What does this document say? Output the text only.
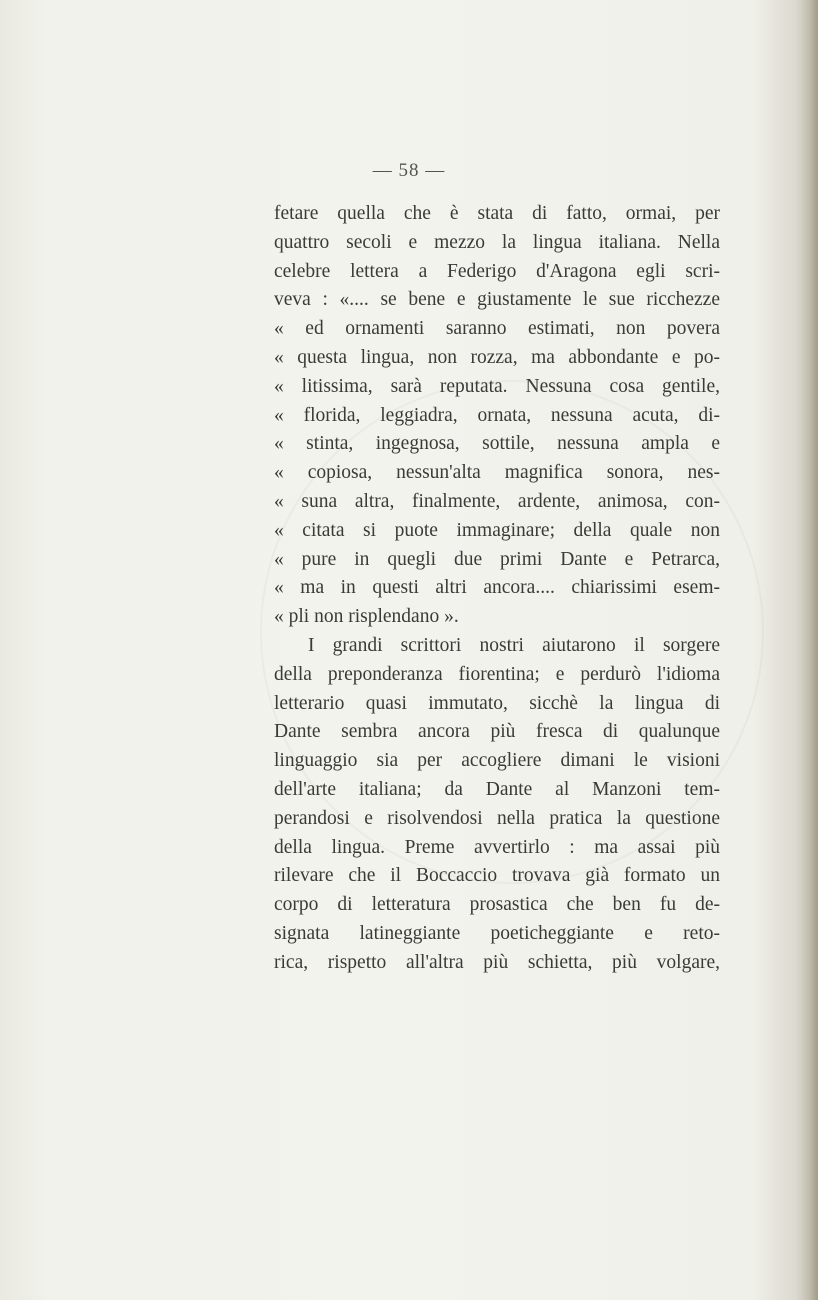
— 58 —
fetare quella che è stata di fatto, ormai, per
quattro secoli e mezzo la lingua italiana. Nella
celebre lettera a Federigo d'Aragona egli scri-
veva : «.... se bene e giustamente le sue ricchezze
« ed ornamenti saranno estimati, non povera
« questa lingua, non rozza, ma abbondante e po-
« litissima, sarà reputata. Nessuna cosa gentile,
« florida, leggiadra, ornata, nessuna acuta, di-
« stinta, ingegnosa, sottile, nessuna ampla e
« copiosa, nessun'alta magnifica sonora, nes-
« suna altra, finalmente, ardente, animosa, con-
« citata si puote immaginare; della quale non
« pure in quegli due primi Dante e Petrarca,
« ma in questi altri ancora.... chiarissimi esem-
« pli non risplendano ».
I grandi scrittori nostri aiutarono il sorgere
della preponderanza fiorentina; e perdurò l'idioma
letterario quasi immutato, sicchè la lingua di
Dante sembra ancora più fresca di qualunque
linguaggio sia per accogliere dimani le visioni
dell'arte italiana; da Dante al Manzoni tem-
perandosi e risolvendosi nella pratica la questione
della lingua. Preme avvertirlo : ma assai più
rilevare che il Boccaccio trovava già formato un
corpo di letteratura prosastica che ben fu de-
signata latineggiante poeticheggiante e reto-
rica, rispetto all'altra più schietta, più volgare,
